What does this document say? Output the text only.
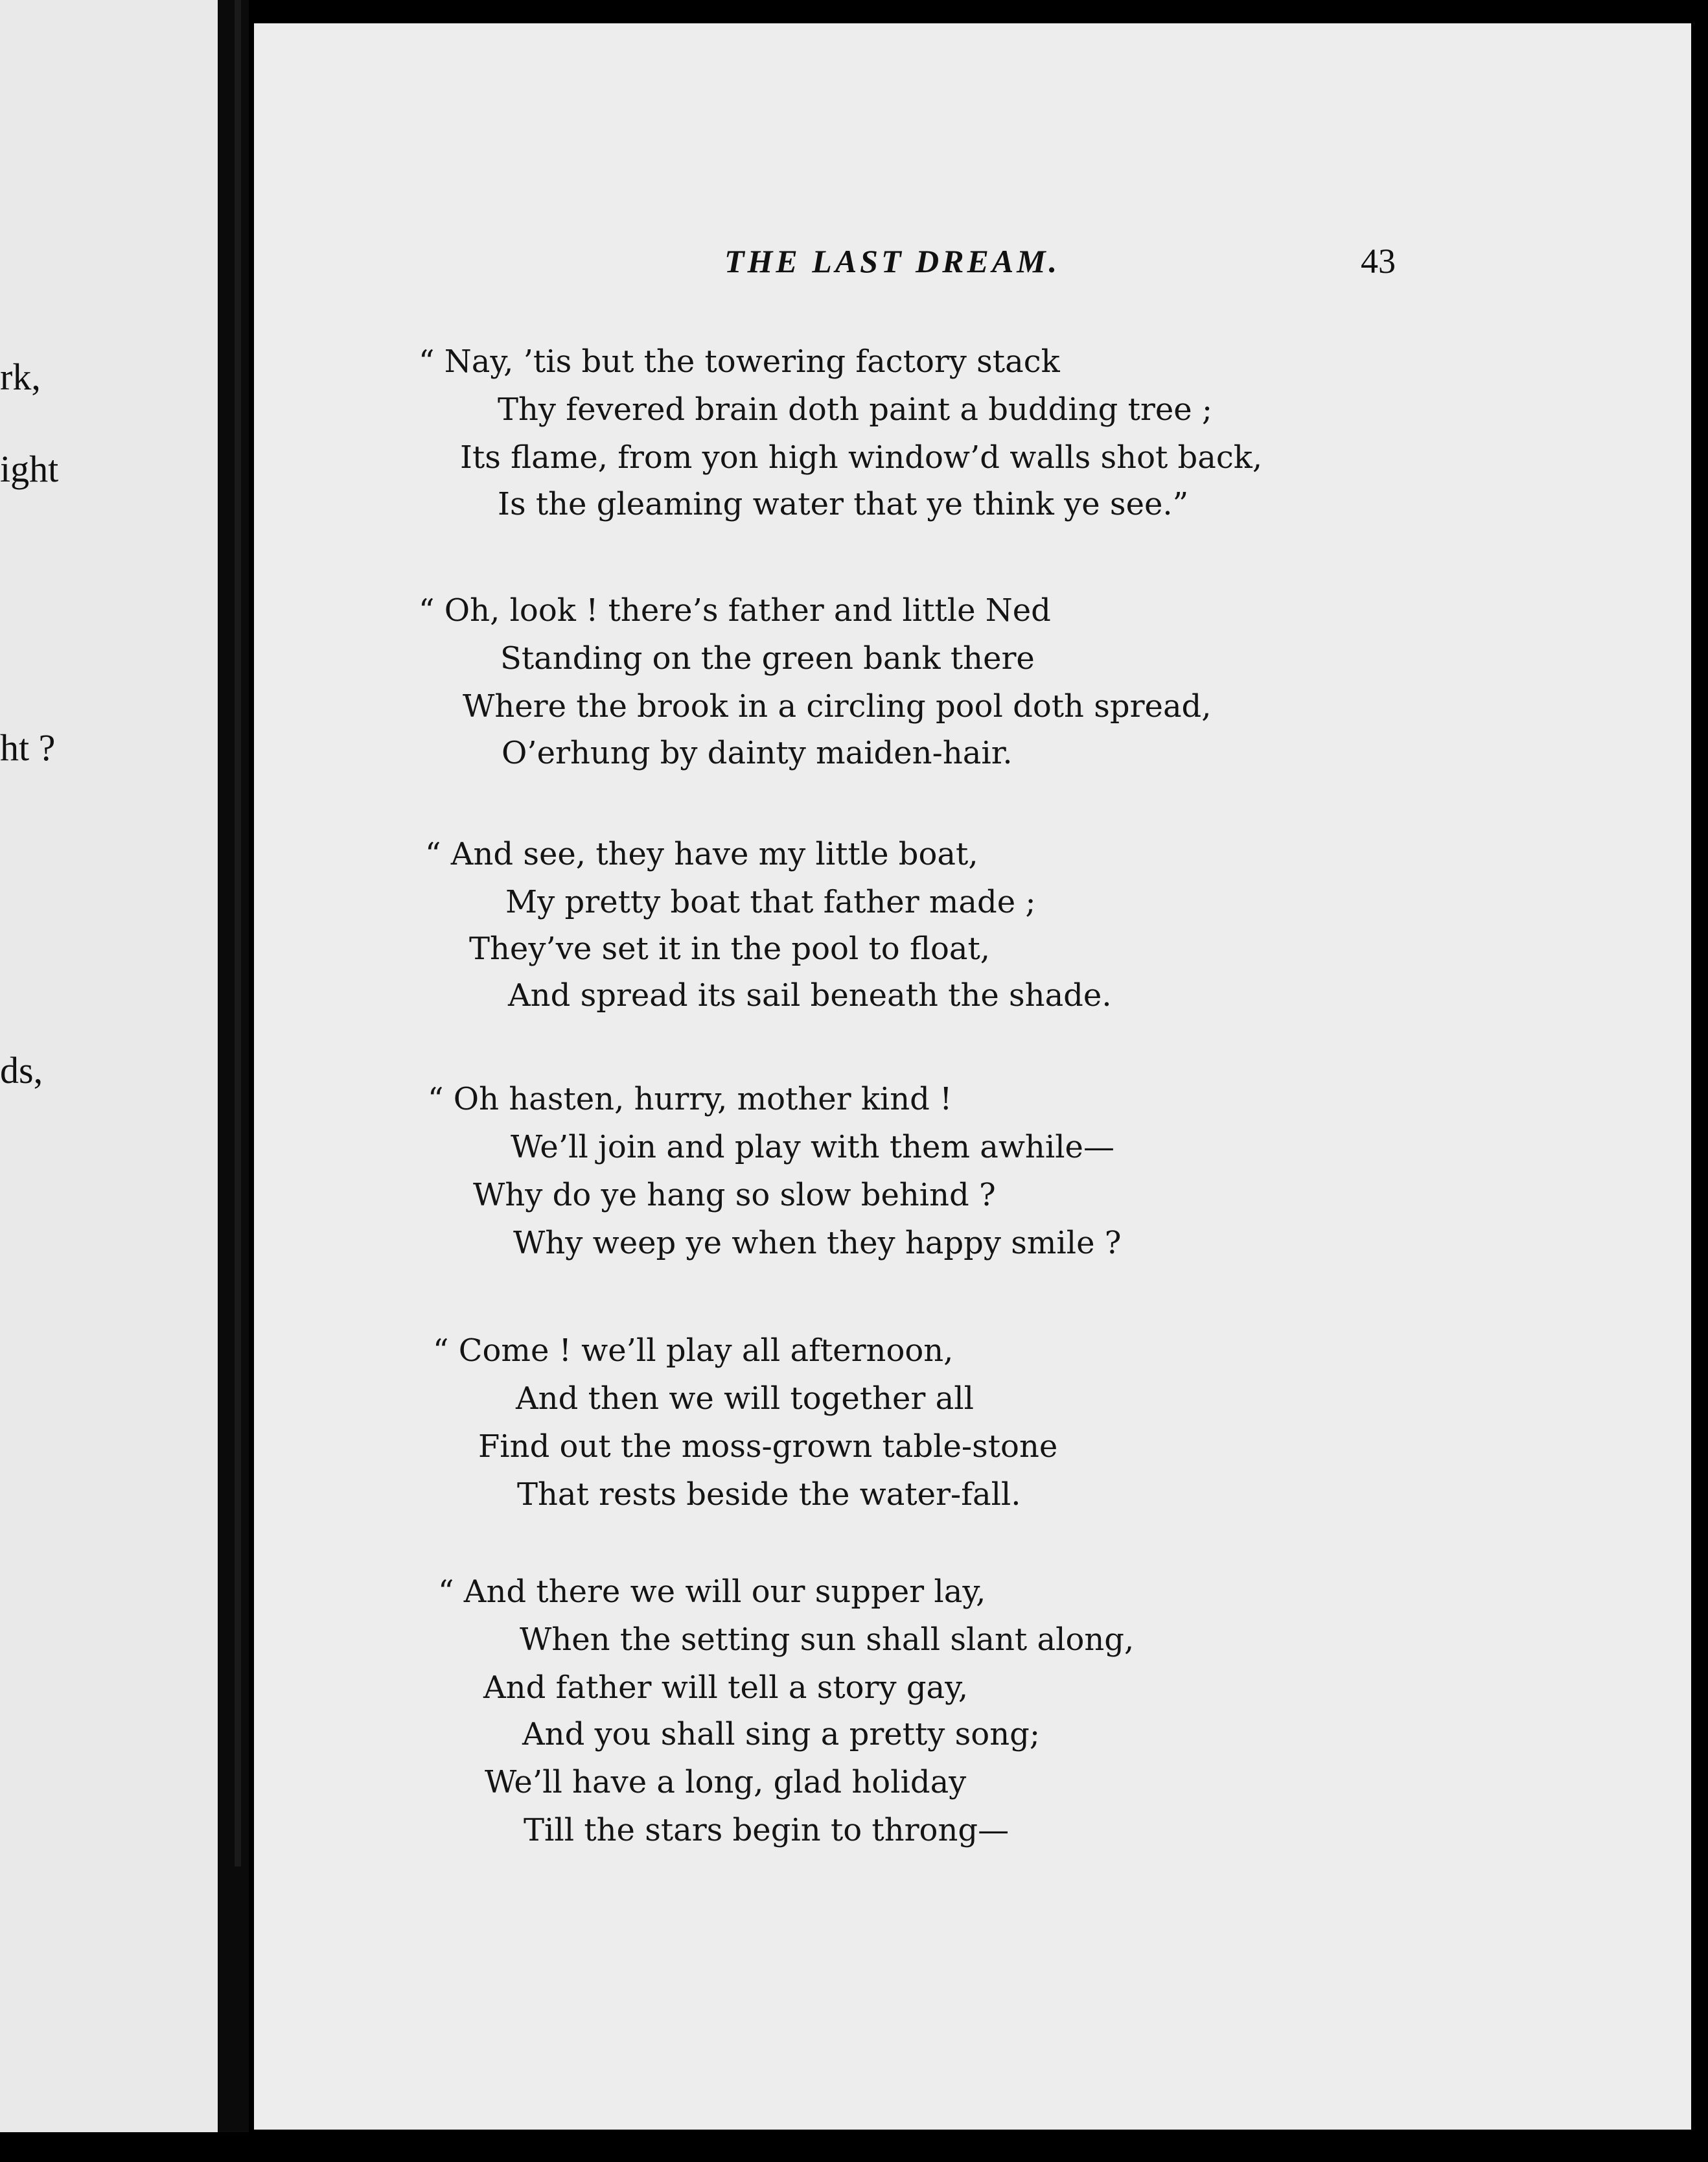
rk,
ight
ht ?
ds,
THE LAST DREAM.	43
“ Nay, ’tis but the towering factory stack
Thy fevered brain doth paint a budding tree ;
Its flame, from yon high window’d walls shot back,
Is the gleaming water that ye think ye see.”
“ Oh, look ! there’s father and little Ned
Standing on the green bank there
Where the brook in a circling pool doth spread,
O’erhung by dainty maiden-hair.
“ And see, they have my little boat,
My pretty boat that father made ;
They’ve set it in the pool to float,
And spread its sail beneath the shade.
“ Oh hasten, hurry, mother kind !
We’ll join and play with them awhile—
Why do ye hang so slow behind ?
Why weep ye when they happy smile ?
“ Come ! we’ll play all afternoon,
And then we will together all
Find out the moss-grown table-stone
That rests beside the water-fall.
“ And there we will our supper lay,
When the setting sun shall slant along,
And father will tell a story gay,
And you shall sing a pretty song;
We’ll have a long, glad holiday
Till the stars begin to throng—
